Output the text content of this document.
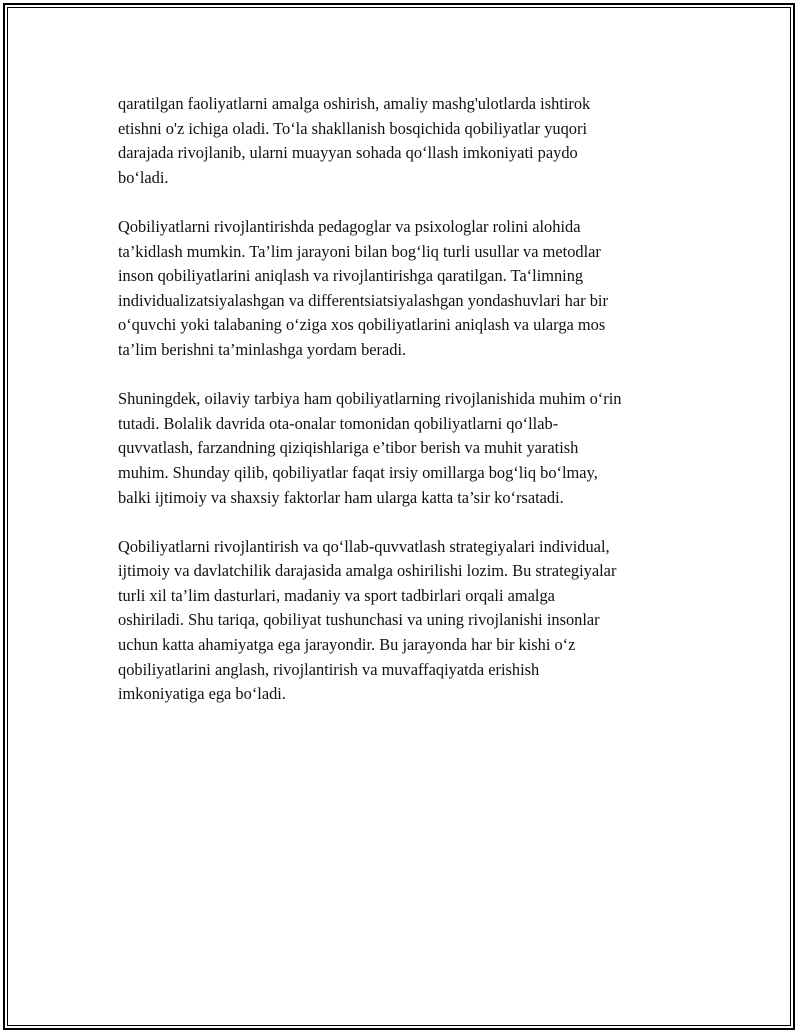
qaratilgan faoliyatlarni amalga oshirish, amaliy mashg'ulotlarda ishtirok
etishni o'z ichiga oladi. To‘la shakllanish bosqichida qobiliyatlar yuqori
darajada rivojlanib, ularni muayyan sohada qo‘llash imkoniyati paydo
bo‘ladi.

Qobiliyatlarni rivojlantirishda pedagoglar va psixologlar rolini alohida
ta’kidlash mumkin. Ta’lim jarayoni bilan bog‘liq turli usullar va metodlar
inson qobiliyatlarini aniqlash va rivojlantirishga qaratilgan. Ta‘limning
individualizatsiyalashgan va differentsiatsiyalashgan yondashuvlari har bir
o‘quvchi yoki talabaning o‘ziga xos qobiliyatlarini aniqlash va ularga mos
ta’lim berishni ta’minlashga yordam beradi.

Shuningdek, oilaviy tarbiya ham qobiliyatlarning rivojlanishida muhim o‘rin
tutadi. Bolalik davrida ota-onalar tomonidan qobiliyatlarni qo‘llab-
quvvatlash, farzandning qiziqishlariga e’tibor berish va muhit yaratish
muhim. Shunday qilib, qobiliyatlar faqat irsiy omillarga bog‘liq bo‘lmay,
balki ijtimoiy va shaxsiy faktorlar ham ularga katta ta’sir ko‘rsatadi.

Qobiliyatlarni rivojlantirish va qo‘llab-quvvatlash strategiyalari individual,
ijtimoiy va davlatchilik darajasida amalga oshirilishi lozim. Bu strategiyalar
turli xil ta’lim dasturlari, madaniy va sport tadbirlari orqali amalga
oshiriladi. Shu tariqa, qobiliyat tushunchasi va uning rivojlanishi insonlar
uchun katta ahamiyatga ega jarayondir. Bu jarayonda har bir kishi o‘z
qobiliyatlarini anglash, rivojlantirish va muvaffaqiyatda erishish
imkoniyatiga ega bo‘ladi.
